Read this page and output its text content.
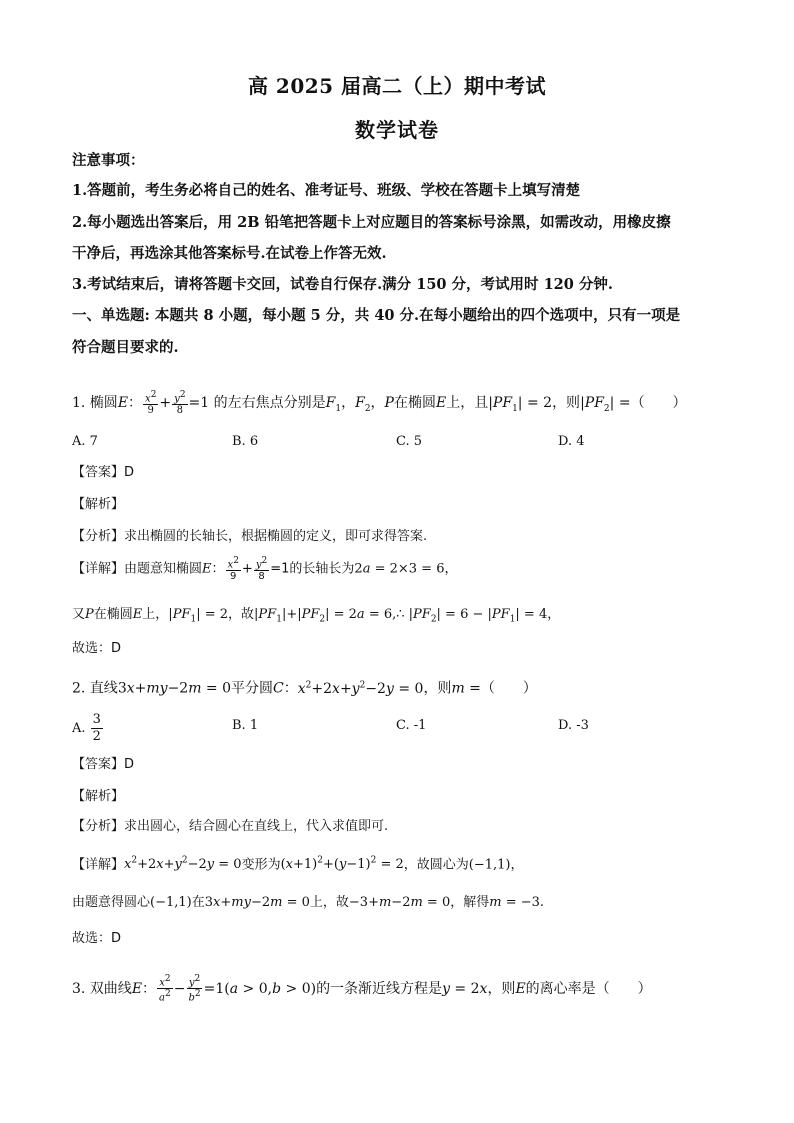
高 2025 届高二（上）期中考试
数学试卷
注意事项：
1.答题前，考生务必将自己的姓名、准考证号、班级、学校在答题卡上填写清楚
2.每小题选出答案后，用 2B 铅笔把答题卡上对应题目的答案标号涂黑，如需改动，用橡皮擦
干净后，再选涂其他答案标号.在试卷上作答无效.
3.考试结束后，请将答题卡交回，试卷自行保存.满分 150 分，考试用时 120 分钟.
一、单选题: 本题共 8 小题，每小题 5 分，共 40 分.在每小题给出的四个选项中，只有一项是
符合题目要求的.
1. 椭圆E： $\frac{x^2}{9} + \frac{y^2}{8} =1$ 的左右焦点分别是$F_1$，$F_2$，P在椭圆E上，且$|PF_1| = 2$，则$|PF_2|$ =（　　）
A. 7	B. 6	C. 5	D. 4
【答案】D
【解析】
【分析】求出椭圆的长轴长，根据椭圆的定义，即可求得答案.
【详解】由题意知椭圆E： $\frac{x^2}{9} + \frac{y^2}{8} =1$的长轴长为2a = 2×3 = 6，
又P在椭圆E上，$|PF_1| = 2$，故$|PF_1|+|PF_2| = 2a$ = 6,∴ $|PF_2| = 6 - |PF_1| = 4$，
故选：D
2. 直线3x+my−2m = 0平分圆C：$x^2+2x+y^2-2y = 0$，则m =（　　）
A. $\frac{3}{2}$	B. 1	C. -1	D. -3
【答案】D
【解析】
【分析】求出圆心，结合圆心在直线上，代入求值即可.
【详解】$x^2+2x+y^2-2y = 0$变形为$(x+1)^2+(y-1)^2 = 2$，故圆心为(−1,1)，
由题意得圆心(−1,1)在3x+my−2m = 0上，故−3+m−2m = 0，解得m = −3.
故选：D
3. 双曲线E： $\frac{x^2}{a^2} - \frac{y^2}{b^2} =1(a > 0,b > 0)$的一条渐近线方程是y = 2x，则E的离心率是（　　）
